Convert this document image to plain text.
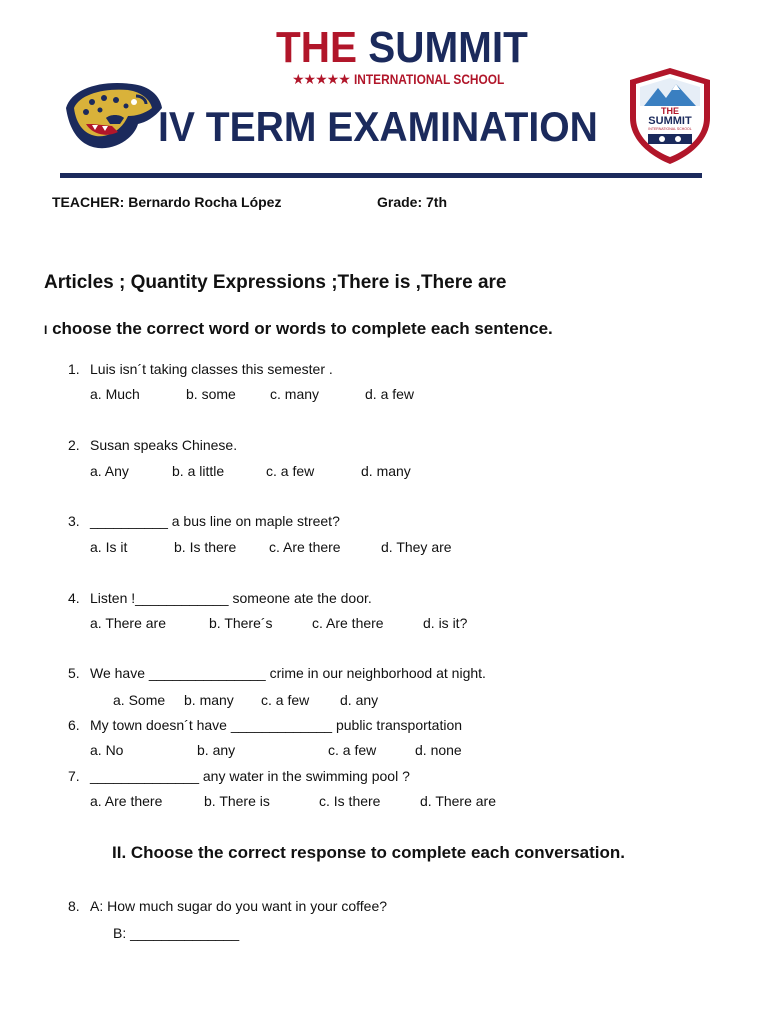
THE SUMMIT
★★★★★ INTERNATIONAL SCHOOL
IV TERM EXAMINATION	THE
SUMMIT
INTERNATIONAL SCHOOL
TEACHER: Bernardo Rocha López	Grade: 7th
Articles ; Quantity Expressions ;There is ,There are
I choose the correct word or words to complete each sentence.
1. Luis isn´t taking classes this semester .
a. Much	b. some c. many	d. a few
2. Susan speaks Chinese.
a. Any	b. a little	c. a few	d. many
3. __________ a bus line on maple street?
a. Is it	b. Is there c. Are there	d. They are
4. Listen !____________ someone ate the door.
a. There are	b. There´s	c. Are there	d. is it?
5. We have _______________ crime in our neighborhood at night.
a. Some b. many c. a few d. any
6. My town doesn´t have _____________ public transportation
a. No	b. any	c. a few	d. none
7. ______________ any water in the swimming pool ?
a. Are there	b. There is	c. Is there	d. There are
II. Choose the correct response to complete each conversation.
8. A: How much sugar do you want in your coffee?
B: ______________
